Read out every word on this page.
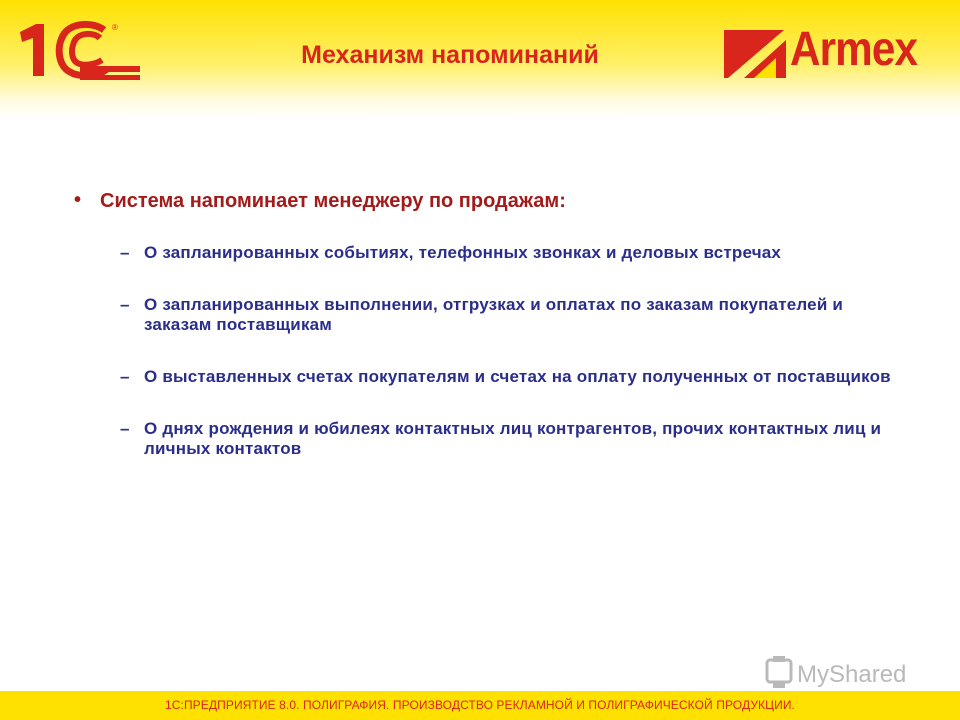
®
Механизм напоминаний	Armex
• Система напоминает менеджеру по продажам:
– О запланированных событиях, телефонных звонках и деловых встречах
– О запланированных выполнении, отгрузках и оплатах по заказам покупателей и заказам поставщикам
– О выставленных счетах покупателям и счетах на оплату полученных от поставщиков
– О днях рождения и юбилеях контактных лиц контрагентов, прочих контактных лиц и личных контактов
MyShared
1С:ПРЕДПРИЯТИЕ 8.0. ПОЛИГРАФИЯ. ПРОИЗВОДСТВО РЕКЛАМНОЙ И ПОЛИГРАФИЧЕСКОЙ ПРОДУКЦИИ.
